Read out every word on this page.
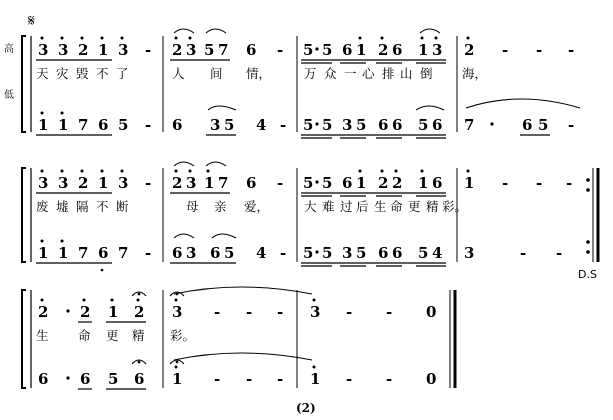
高
低
𝄋
3 3 2 1 3 - 2 3 5 7 6 - 5 5 6 1 2 6 1 3 2 - - -
天 灾 毁 不 了	人 间 情，	万 众 一 心 排 山 倒 海，
1 1 7 6 5 - 6 3 5 4 - 5 5 3 5 6 6 5 6 7	6 5 -
3 3 2 1 3 - 2 3 1 7 6 - 5 5 6 1 2 2 1 6 1 - - -
废 墟 隔 不 断	母 亲 爱，	大 难 过 后 生 命 更 精 彩。
1 1 7 6 7 - 6 3 6 5 4 - 5 5 3 5 6 6 5 4 3	- -
D.S
2 2 1 2 3 - - - 3 - - 0
生 命 更 精 彩。
6 6 5 6 1 - - - 1 - - 0
(2)
